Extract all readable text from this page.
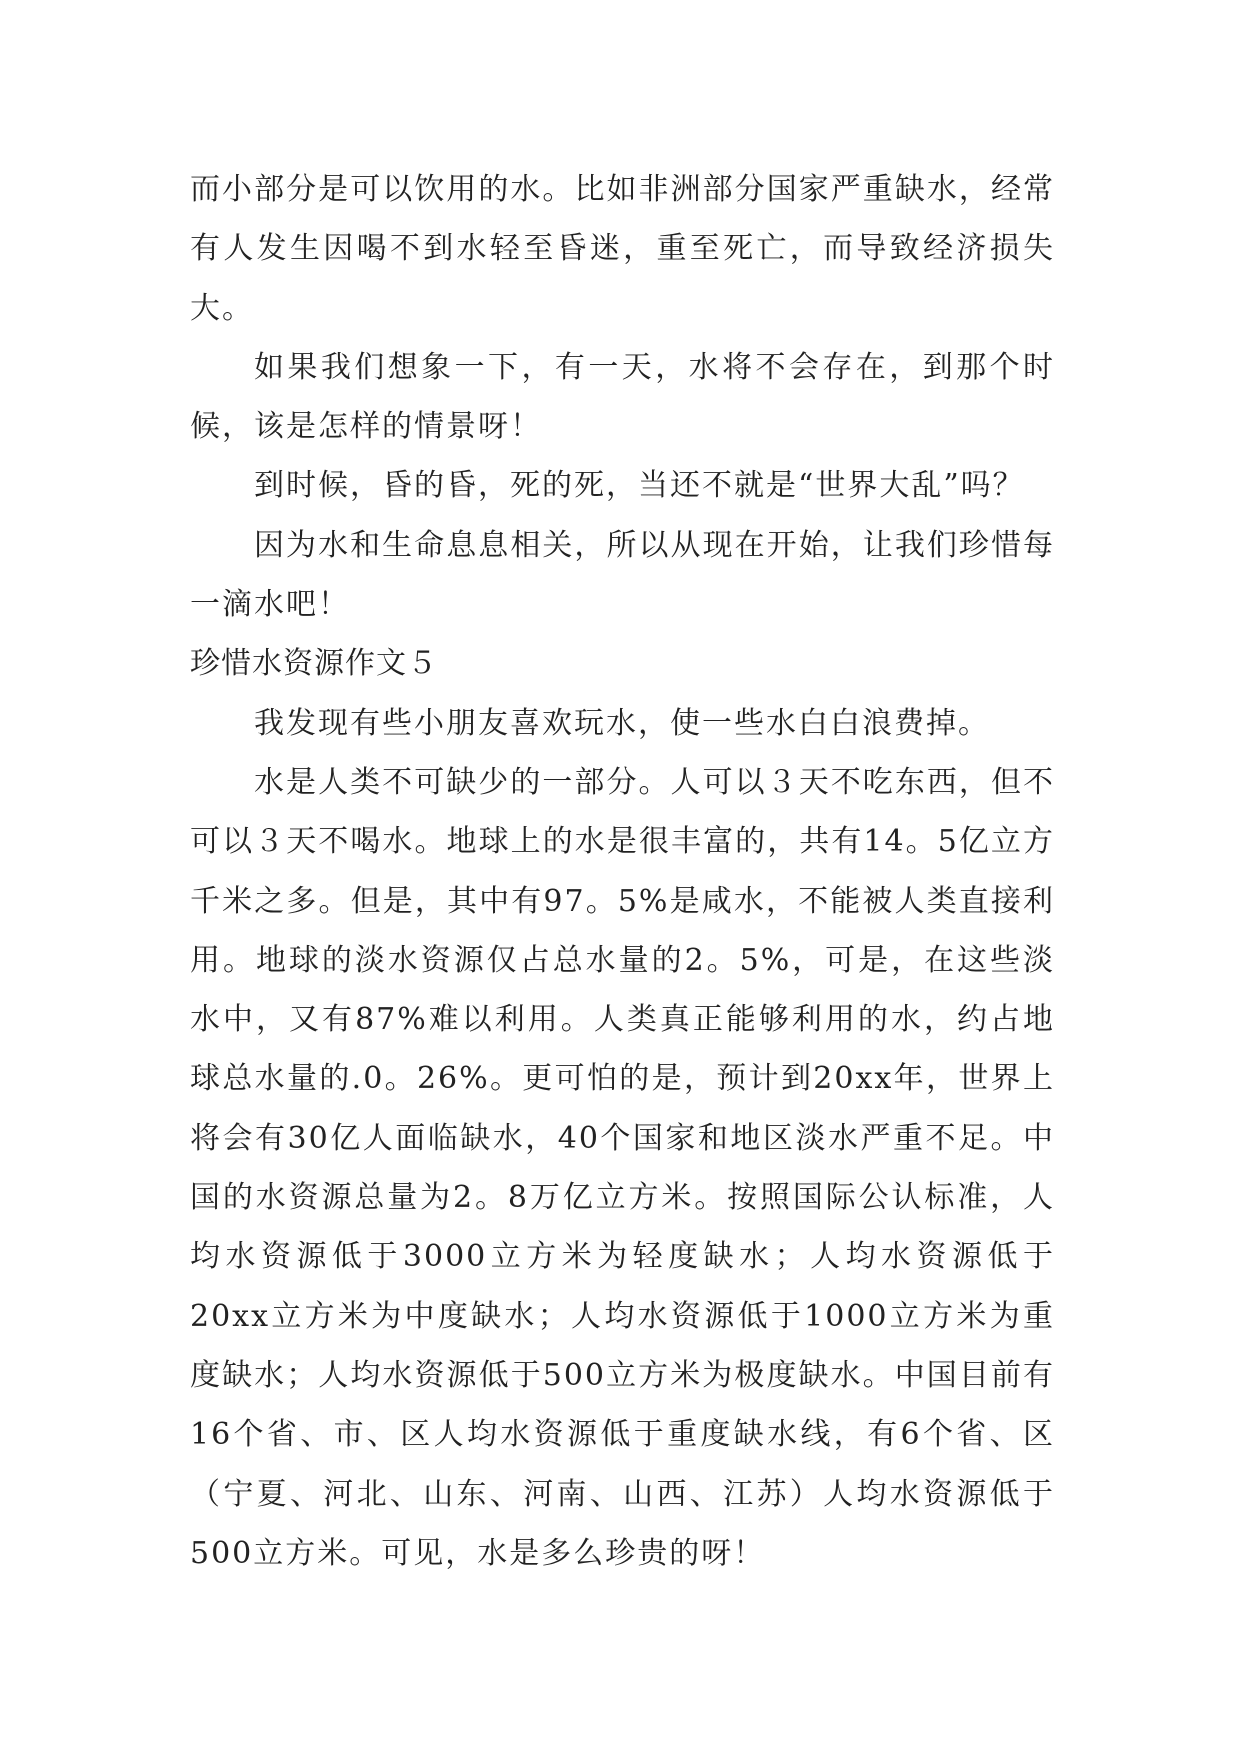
而小部分是可以饮用的水。比如非洲部分国家严重缺水，经常有人发生因喝不到水轻至昏迷，重至死亡，而导致经济损失大。

如果我们想象一下，有一天，水将不会存在，到那个时候，该是怎样的情景呀！

到时候，昏的昏，死的死，当还不就是“世界大乱”吗？

因为水和生命息息相关，所以从现在开始，让我们珍惜每一滴水吧！

珍惜水资源作文５

我发现有些小朋友喜欢玩水，使一些水白白浪费掉。

水是人类不可缺少的一部分。人可以３天不吃东西，但不可以３天不喝水。地球上的水是很丰富的，共有14。5亿立方千米之多。但是，其中有97。5%是咸水，不能被人类直接利用。地球的淡水资源仅占总水量的2。5%，可是，在这些淡水中，又有87%难以利用。人类真正能够利用的水，约占地球总水量的.0。26%。更可怕的是，预计到20xx年，世界上将会有30亿人面临缺水，40个国家和地区淡水严重不足。中国的水资源总量为2。8万亿立方米。按照国际公认标准，人均水资源低于3000立方米为轻度缺水；人均水资源低于20xx立方米为中度缺水；人均水资源低于1000立方米为重度缺水；人均水资源低于500立方米为极度缺水。中国目前有16个省、市、区人均水资源低于重度缺水线，有6个省、区（宁夏、河北、山东、河南、山西、江苏）人均水资源低于500立方米。可见，水是多么珍贵的呀！
